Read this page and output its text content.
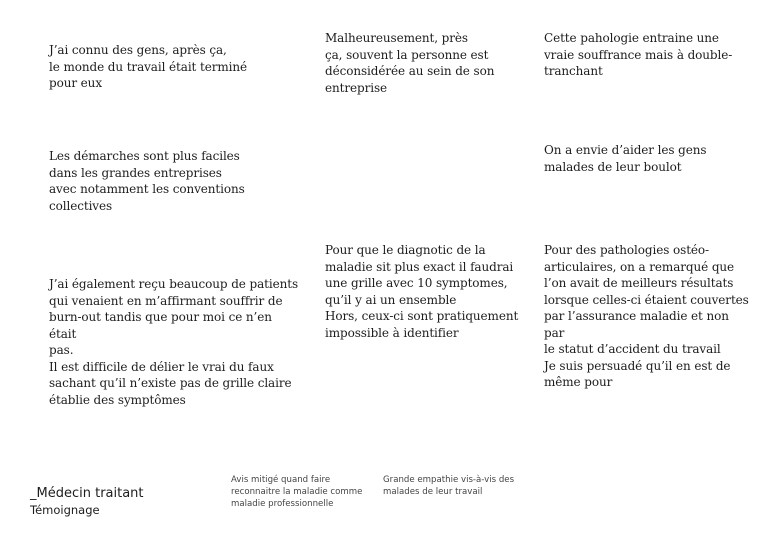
J’ai connu des gens, après ça,
le monde du travail était terminé
pour eux

Malheureusement, près
ça, souvent la personne est
déconsidérée au sein de son
entreprise

Cette pahologie entraine une
vraie souffrance mais à double-
tranchant

Les démarches sont plus faciles
dans les grandes entreprises
avec notamment les conventions
collectives

On a envie d’aider les gens
malades de leur boulot

J’ai également reçu beaucoup de patients
qui venaient en m’affirmant souffrir de
burn-out tandis que pour moi ce n’en était
pas.
Il est difficile de délier le vrai du faux
sachant qu’il n’existe pas de grille claire
établie des symptômes

Pour que le diagnotic de la
maladie sit plus exact il faudrai
une grille avec 10 symptomes,
qu’il y ai un ensemble
Hors, ceux-ci sont pratiquement
impossible à identifier

Pour des pathologies ostéo-
articulaires, on a remarqué que
l’on avait de meilleurs résultats
lorsque celles-ci étaient couvertes
par l’assurance maladie et non par
le statut d’accident du travail
Je suis persuadé qu’il en est de
même pour

_Médecin traitant

Témoignage

Avis mitigé quand faire
reconnaitre la maladie comme
maladie professionnelle

Grande empathie vis-à-vis des
malades de leur travail
